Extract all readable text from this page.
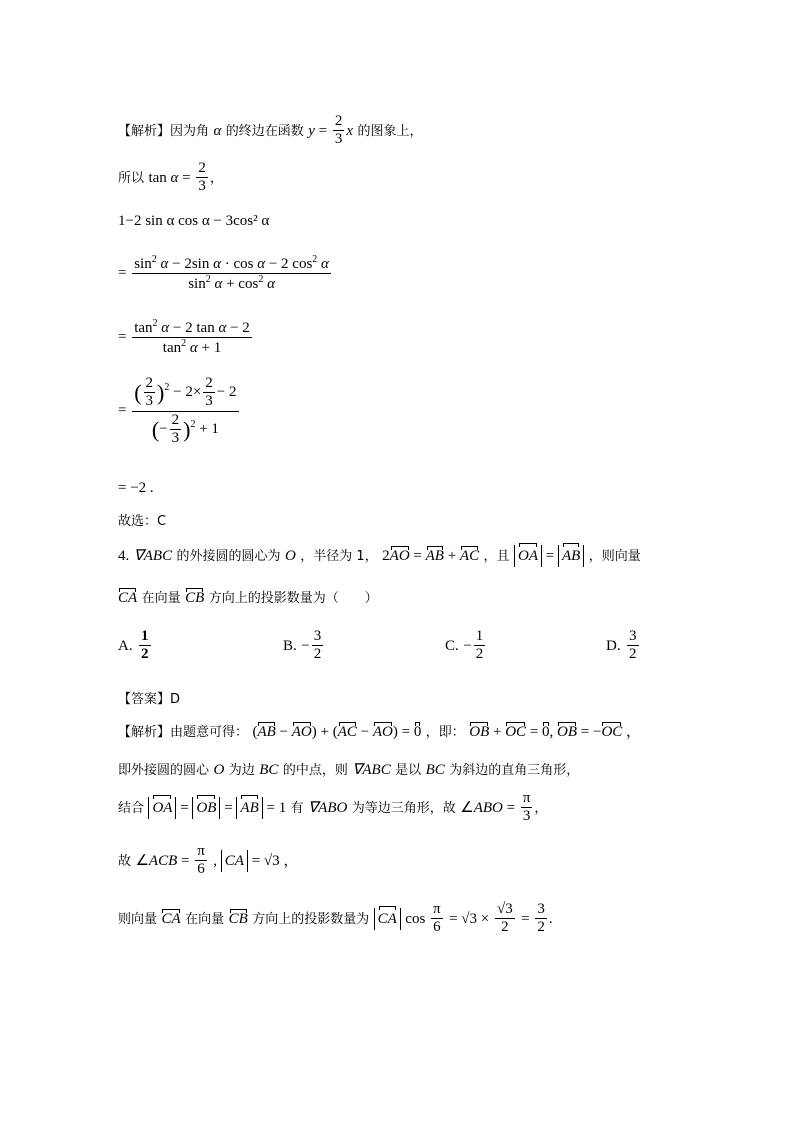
【解析】因为角 α 的终边在函数 $y = \frac{2}{3}$ x 的图象上，
所以 $\tan \alpha = \frac{2}{3}$ ，
1−2 sin α cos α − 3cos² α
= $\frac{\sin^2 \alpha - 2\sin \alpha \cdot \cos \alpha - 2 \cos^2 \alpha}{\sin^2 \alpha + \cos^2 \alpha}$
= $\frac{\tan^2 \alpha - 2 \tan \alpha - 2}{\tan^2 \alpha + 1}$
= $\frac{( \frac{2}{3} )^2 - 2\times \frac{2}{3} - 2}{(- \frac{2}{3} )^2 + 1}$
= −2 .
故选：C
4. ∇ABC 的外接圆的圆心为 O ，半径为 1， 2AO = AB + AC ，且 OA = AB ，则向量
CA 在向量 CB 方向上的投影数量为（　　）
A. $\frac{1}{2}$	B. − $\frac{3}{2}$	C. − $\frac{1}{2}$	D. $\frac{3}{2}$
【答案】D
【解析】由题意可得： (AB − AO) + (AC − AO) = 0 ，即： OB + OC = 0, OB = −OC ，
即外接圆的圆心 O 为边 BC 的中点，则 ∇ABC 是以 BC 为斜边的直角三角形，
结合 OA = OB = AB = 1 有 ∇ABO 为等边三角形，故 ∠ABO = $\frac{\pi}{3}$ ，
故 ∠ACB = $\frac{\pi}{6}$ , CA = √3 ，
则向量 CA 在向量 CB 方向上的投影数量为 CA $\cos \frac{\pi}{6} = √3 \times \frac{√3}{2} = \frac{3}{2}$ .
